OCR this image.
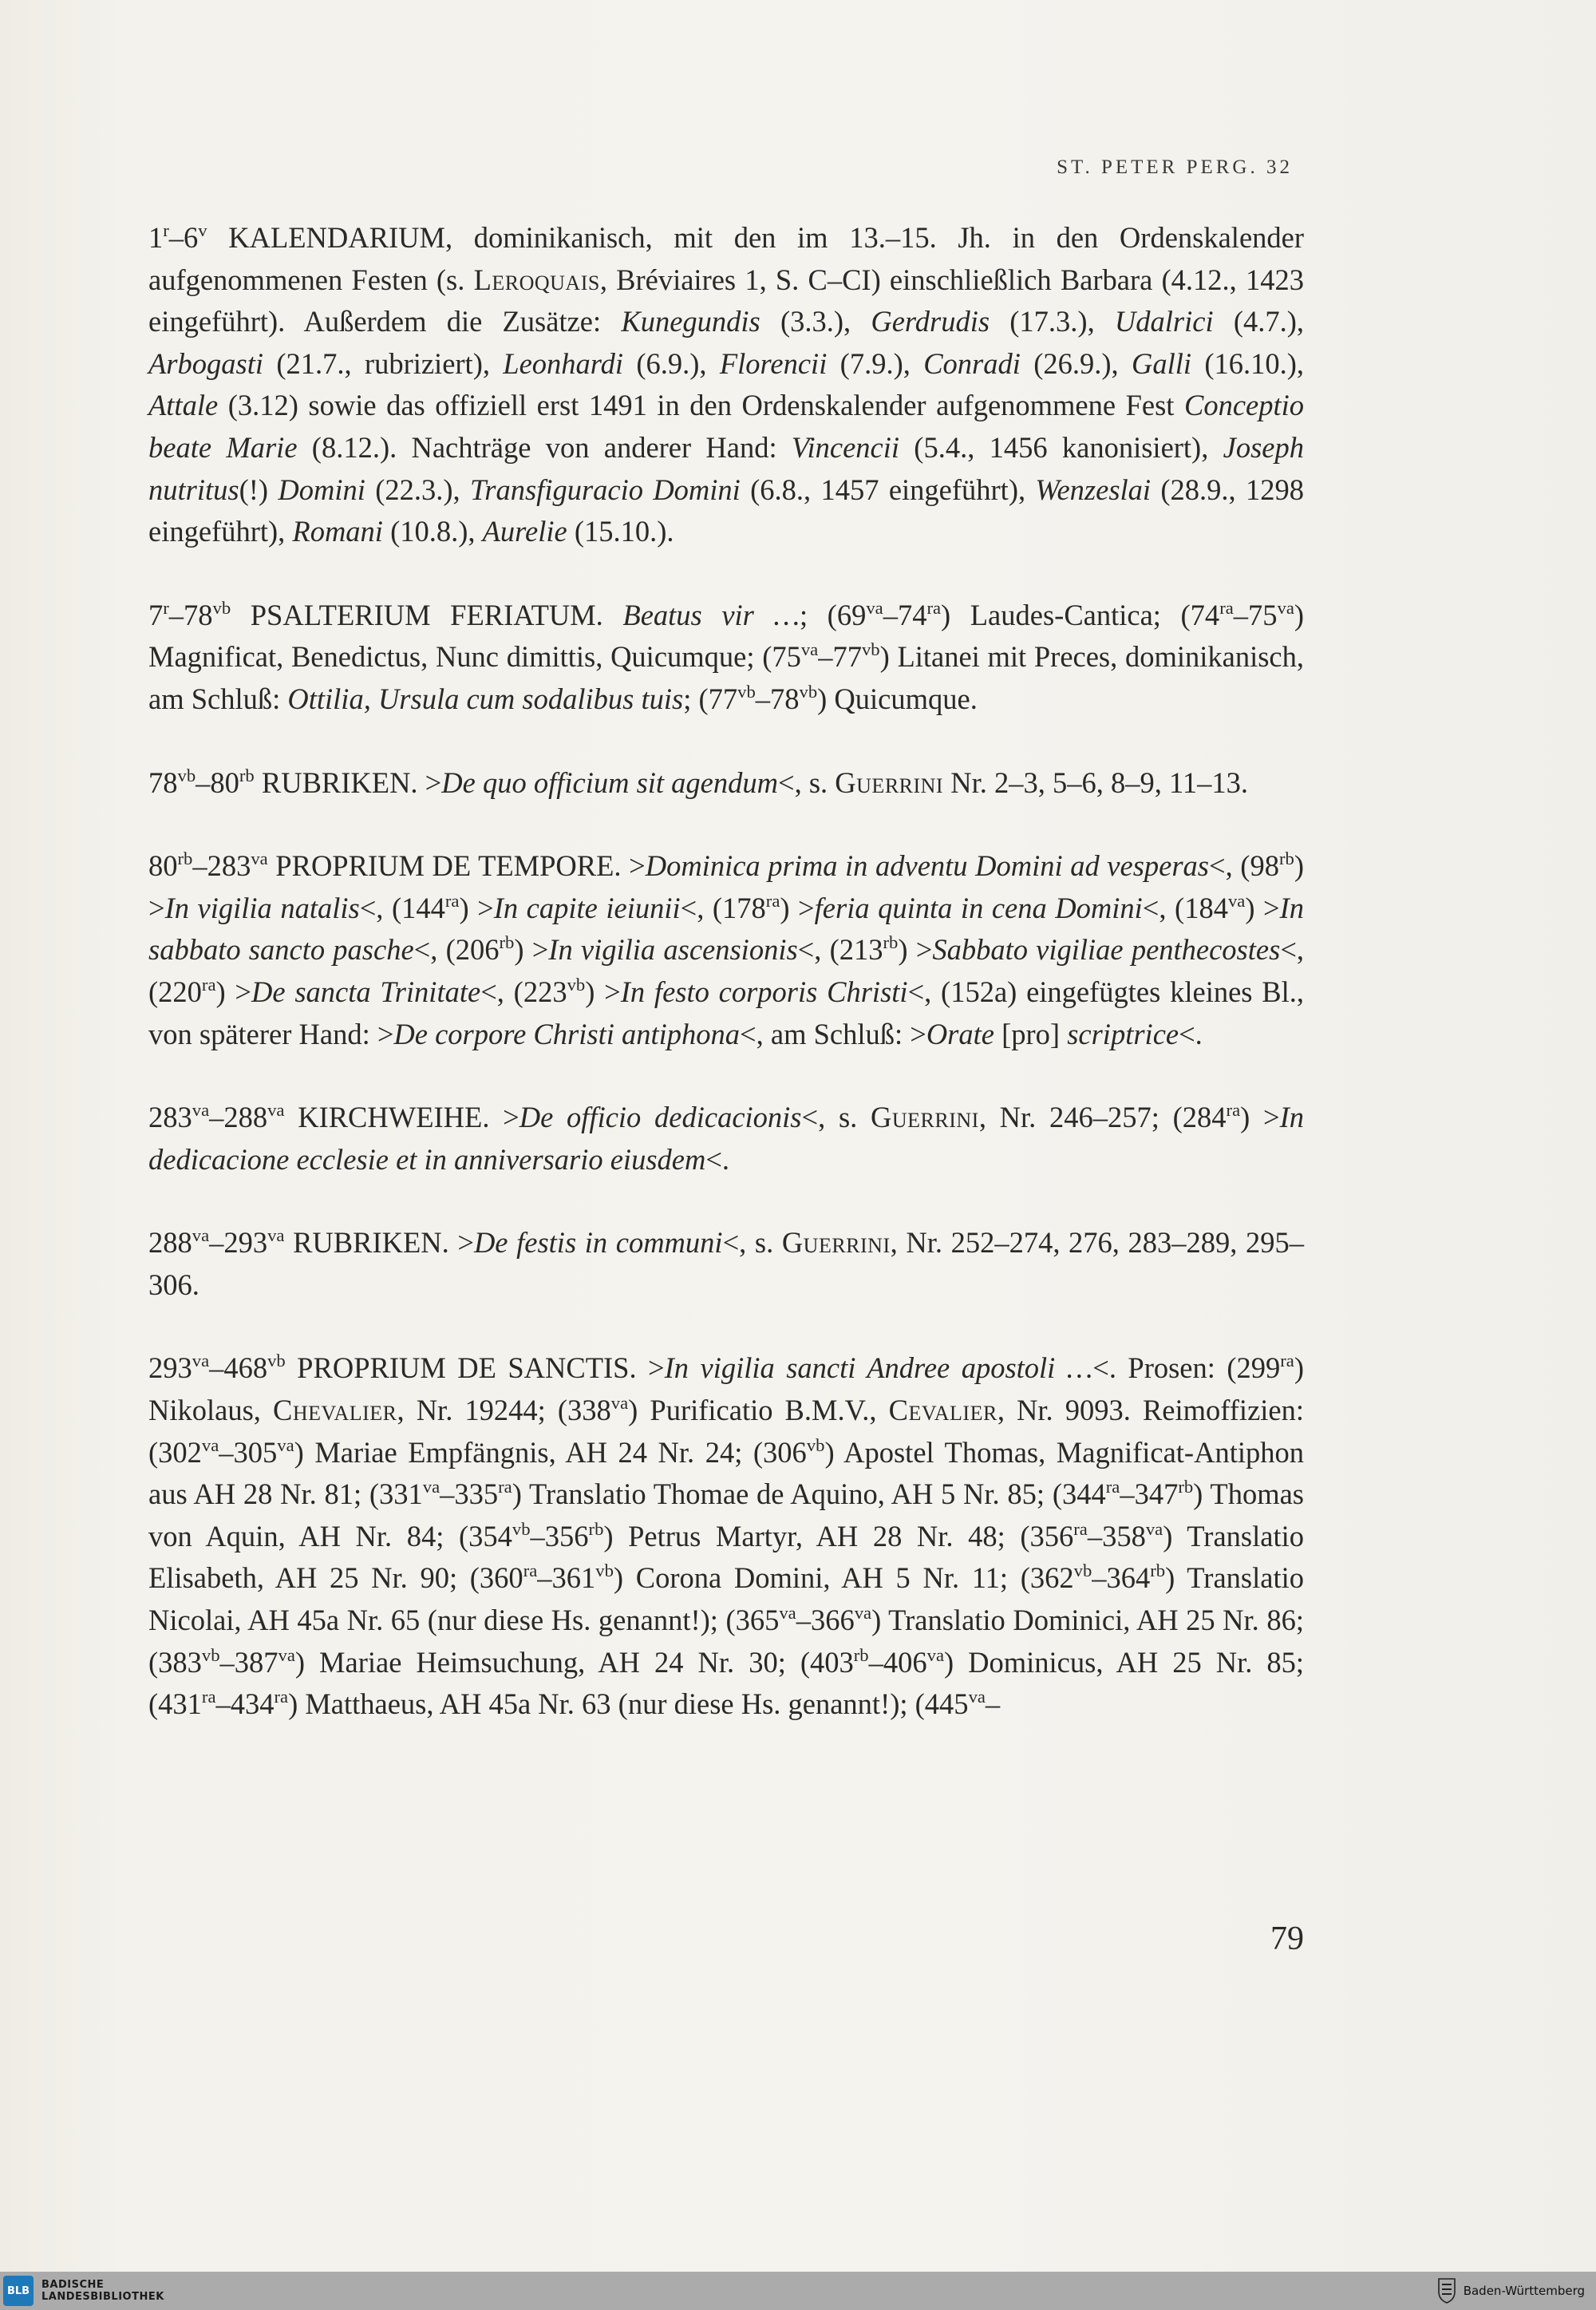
ST. PETER PERG. 32

1$^r$–6$^v$ KALENDARIUM, dominikanisch, mit den im 13.–15. Jh. in den Ordenskalender aufgenommenen Festen (s. Leroquais, Bréviaires 1, S. C–CI) einschließlich Barbara (4.12., 1423 eingeführt). Außerdem die Zusätze: Kunegundis (3.3.), Gerdrudis (17.3.), Udalrici (4.7.), Arbogasti (21.7., rubriziert), Leonhardi (6.9.), Florencii (7.9.), Conradi (26.9.), Galli (16.10.), Attale (3.12) sowie das offiziell erst 1491 in den Ordenskalender aufgenommene Fest Conceptio beate Marie (8.12.). Nachträge von anderer Hand: Vincencii (5.4., 1456 kanonisiert), Joseph nutritus(!) Domini (22.3.), Transfiguracio Domini (6.8., 1457 eingeführt), Wenzeslai (28.9., 1298 eingeführt), Romani (10.8.), Aurelie (15.10.).

$7^r-78^{vb}$ PSALTERIUM FERIATUM. Beatus vir …; $(69^{va}-74^{ra})$ Laudes-Cantica; $(74^{ra}-75^{va})$ Magnificat, Benedictus, Nunc dimittis, Quicumque; $(75^{va}-77^{vb})$ Litanei mit Preces, dominikanisch, am Schluß: Ottilia, Ursula cum sodalibus tuis; $(77^{vb}-78^{vb})$ Quicumque.

$78^{vb}-80^{rb}$ RUBRIKEN. >De quo officium sit agendum<, s. Guerrini Nr. 2–3, 5–6, 8–9, 11–13.

$80^{rb}-283^{va}$ PROPRIUM DE TEMPORE. >Dominica prima in adventu Domini ad vesperas<, $(98^{rb}) >In$ vigilia natalis<, $(144^{ra}) >In$ capite ieiunii<, $(178^{ra})$ >feria quinta in cena Domini<, $(184^{va}) >In$ sabbato sancto pasche<, $(206^{rb}) >In$ vigilia ascensionis<, $(213^{rb})$ >Sabbato vigiliae penthecostes<, $(220^{ra}) >De$ sancta Trinitate<, $(223^{vb}) >In$ festo corporis Christi<, (152a) eingefügtes kleines Bl., von späterer Hand: >De corpore Christi antiphona<, am Schluß: >Orate [pro] scriptrice<.

$283^{va}-288^{va}$ KIRCHWEIHE. >De officio dedicacionis<, s. Guerrini, Nr. 246–257; $(284^{ra}) >In$ dedicacione ecclesie et in anniversario eiusdem<.

$288^{va}-293^{va}$ RUBRIKEN. >De festis in communi<, s. Guerrini, Nr. 252–274, 276, 283–289, 295–306.

$293^{va}-468^{vb}$ PROPRIUM DE SANCTIS. >In vigilia sancti Andree apostoli …<. Prosen: $(299^{ra})$ Nikolaus, Chevalier, Nr. 19244; $(338^{va})$ Purificatio B.M.V., Cevalier, Nr. 9093. Reimoffizien: $(302^{va}-305^{va})$ Mariae Empfängnis, AH 24 Nr. 24; $(306^{vb})$ Apostel Thomas, Magnificat-Antiphon aus AH 28 Nr. 81; $(331^{va}-335^{ra})$ Translatio Thomae de Aquino, AH 5 Nr. 85; $(344^{ra}-347^{rb})$ Thomas von Aquin, AH Nr. 84; $(354^{vb}-356^{rb})$ Petrus Martyr, AH 28 Nr. 48; $(356^{ra}-358^{va})$ Translatio Elisabeth, AH 25 Nr. 90; $(360^{ra}-361^{vb})$ Corona Domini, AH 5 Nr. 11; $(362^{vb}-364^{rb})$ Translatio Nicolai, AH 45a Nr. 65 (nur diese Hs. genannt!); $(365^{va}-366^{va})$ Translatio Dominici, AH 25 Nr. 86; $(383^{vb}-387^{va})$ Mariae Heimsuchung, AH 24 Nr. 30; $(403^{rb}-406^{va})$ Dominicus, AH 25 Nr. 85; $(431^{ra}-434^{ra})$ Matthaeus, AH 45a Nr. 63 (nur diese Hs. genannt!); ($445^{va}-$

79
BLB	BADISCHE
LANDESBIBLIOTHEK	Baden-Württemberg
